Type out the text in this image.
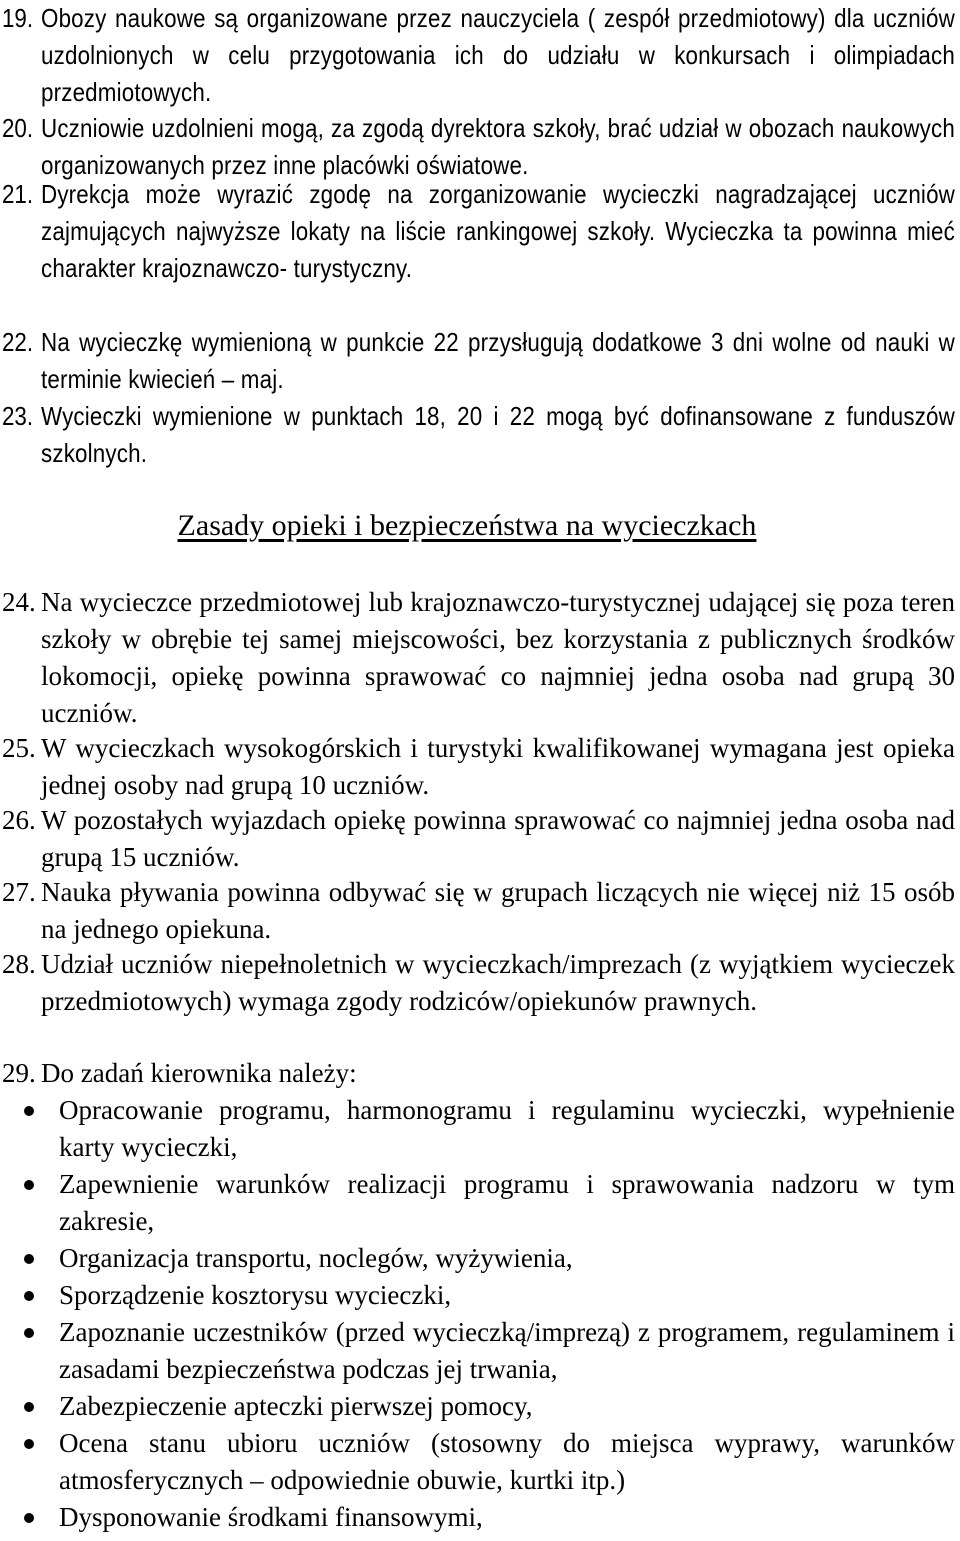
19. Obozy naukowe są organizowane przez nauczyciela ( zespół przedmiotowy) dla uczniów uzdolnionych w celu przygotowania ich do udziału w konkursach i olimpiadach przedmiotowych.
20. Uczniowie uzdolnieni mogą, za zgodą dyrektora szkoły, brać udział w obozach naukowych organizowanych przez inne placówki oświatowe.
21. Dyrekcja może wyrazić zgodę na zorganizowanie wycieczki nagradzającej uczniów zajmujących najwyższe lokaty na liście rankingowej szkoły. Wycieczka ta powinna mieć charakter krajoznawczo- turystyczny.
22. Na wycieczkę wymienioną w punkcie 22 przysługują dodatkowe 3 dni wolne od nauki w terminie kwiecień – maj.
23. Wycieczki wymienione w punktach 18, 20 i 22 mogą być dofinansowane z funduszów szkolnych.
Zasady opieki i bezpieczeństwa na wycieczkach
24. Na wycieczce przedmiotowej lub krajoznawczo-turystycznej udającej się poza teren szkoły w obrębie tej samej miejscowości, bez korzystania z publicznych środków lokomocji, opiekę powinna sprawować co najmniej jedna osoba nad grupą 30 uczniów.
25. W wycieczkach wysokogórskich i turystyki kwalifikowanej wymagana jest opieka jednej osoby nad grupą 10 uczniów.
26. W pozostałych wyjazdach opiekę powinna sprawować co najmniej jedna osoba nad grupą 15 uczniów.
27. Nauka pływania powinna odbywać się w grupach liczących nie więcej niż 15 osób na jednego opiekuna.
28. Udział uczniów niepełnoletnich w wycieczkach/imprezach (z wyjątkiem wycieczek przedmiotowych) wymaga zgody rodziców/opiekunów prawnych.
29. Do zadań kierownika należy:
Opracowanie programu, harmonogramu i regulaminu wycieczki, wypełnienie karty wycieczki,
Zapewnienie warunków realizacji programu i sprawowania nadzoru w tym zakresie,
Organizacja transportu, noclegów, wyżywienia,
Sporządzenie kosztorysu wycieczki,
Zapoznanie uczestników (przed wycieczką/imprezą) z programem, regulaminem i zasadami bezpieczeństwa podczas jej trwania,
Zabezpieczenie apteczki pierwszej pomocy,
Ocena stanu ubioru uczniów (stosowny do miejsca wyprawy, warunków atmosferycznych – odpowiednie obuwie, kurtki itp.)
Dysponowanie środkami finansowymi,
